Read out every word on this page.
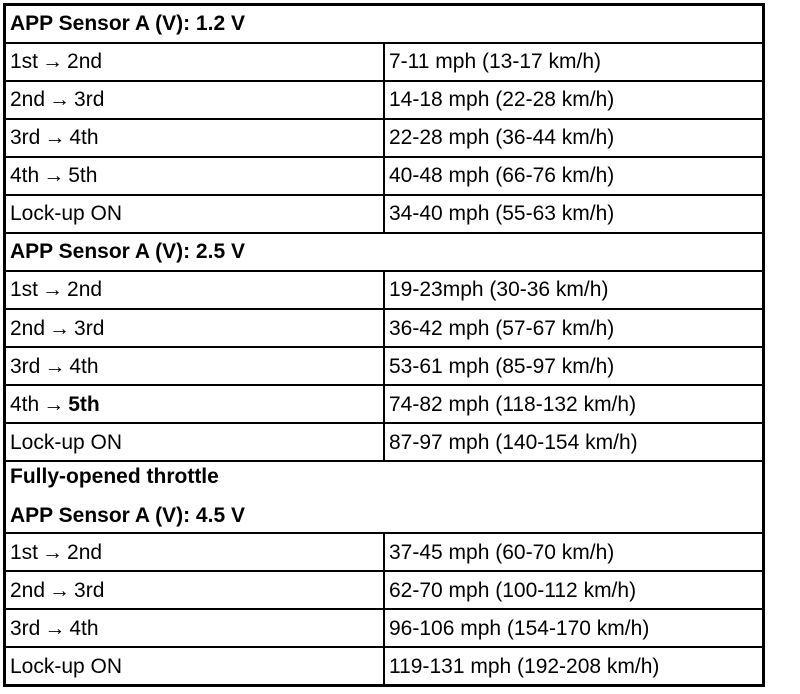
APP Sensor A (V): 1.2 V	
1st → 2nd	7-11 mph (13-17 km/h)
2nd → 3rd	14-18 mph (22-28 km/h)
3rd → 4th	22-28 mph (36-44 km/h)
4th → 5th	40-48 mph (66-76 km/h)
Lock-up ON	34-40 mph (55-63 km/h)
APP Sensor A (V): 2.5 V	
1st → 2nd	19-23mph (30-36 km/h)
2nd → 3rd	36-42 mph (57-67 km/h)
3rd → 4th	53-61 mph (85-97 km/h)
4th → 5th	74-82 mph (118-132 km/h)
Lock-up ON	87-97 mph (140-154 km/h)

Fully-opened throttle
APP Sensor A (V): 4.5 V	
1st → 2nd	37-45 mph (60-70 km/h)
2nd → 3rd	62-70 mph (100-112 km/h)
3rd → 4th	96-106 mph (154-170 km/h)
Lock-up ON	119-131 mph (192-208 km/h)
